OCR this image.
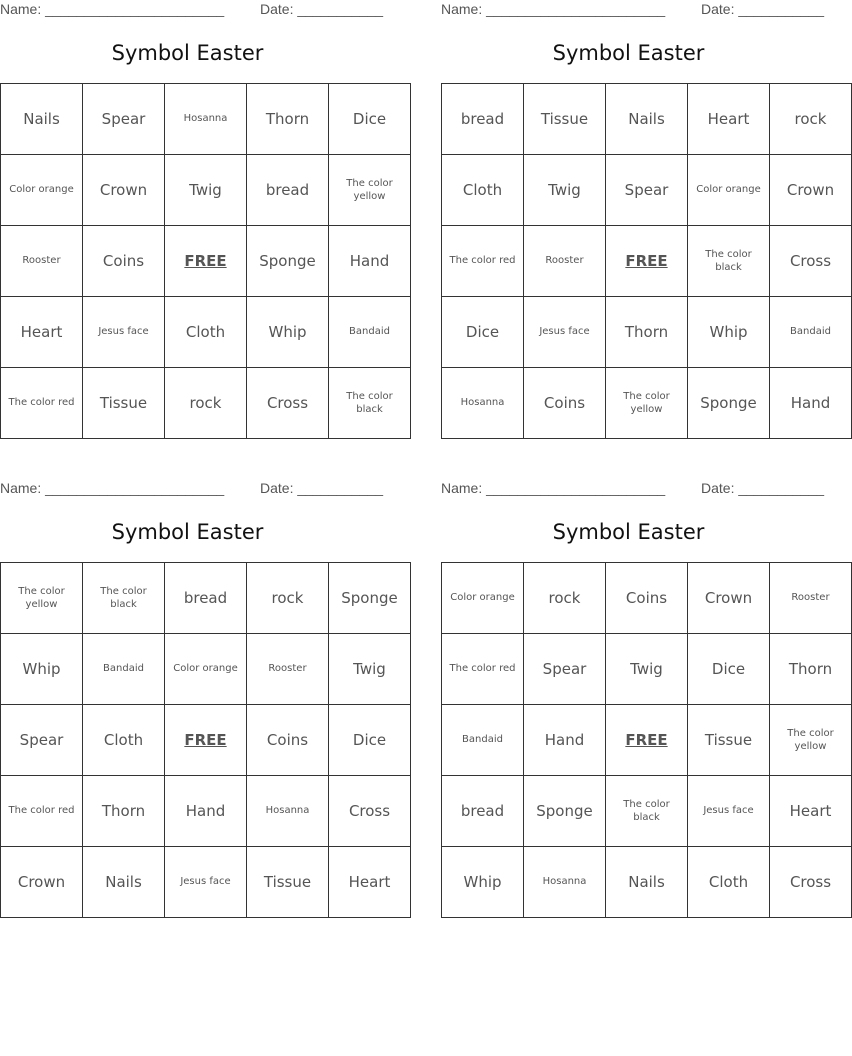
Name: _______________________	Date: ___________
Symbol Easter
Nails	Spear	Hosanna	Thorn	Dice
Color orange	Crown	Twig	bread	The color yellow
Rooster	Coins	FREE	Sponge	Hand
Heart	Jesus face	Cloth	Whip	Bandaid
The color red	Tissue	rock	Cross	The color black
Name: _______________________	Date: ___________
Symbol Easter
bread	Tissue	Nails	Heart	rock
Cloth	Twig	Spear	Color orange	Crown
The color red	Rooster	FREE	The color black	Cross
Dice	Jesus face	Thorn	Whip	Bandaid
Hosanna	Coins	The color yellow	Sponge	Hand
Name: _______________________	Date: ___________
Symbol Easter
The color yellow	The color black	bread	rock	Sponge
Whip	Bandaid	Color orange	Rooster	Twig
Spear	Cloth	FREE	Coins	Dice
The color red	Thorn	Hand	Hosanna	Cross
Crown	Nails	Jesus face	Tissue	Heart
Name: _______________________	Date: ___________
Symbol Easter
Color orange	rock	Coins	Crown	Rooster
The color red	Spear	Twig	Dice	Thorn
Bandaid	Hand	FREE	Tissue	The color yellow
bread	Sponge	The color black	Jesus face	Heart
Whip	Hosanna	Nails	Cloth	Cross
